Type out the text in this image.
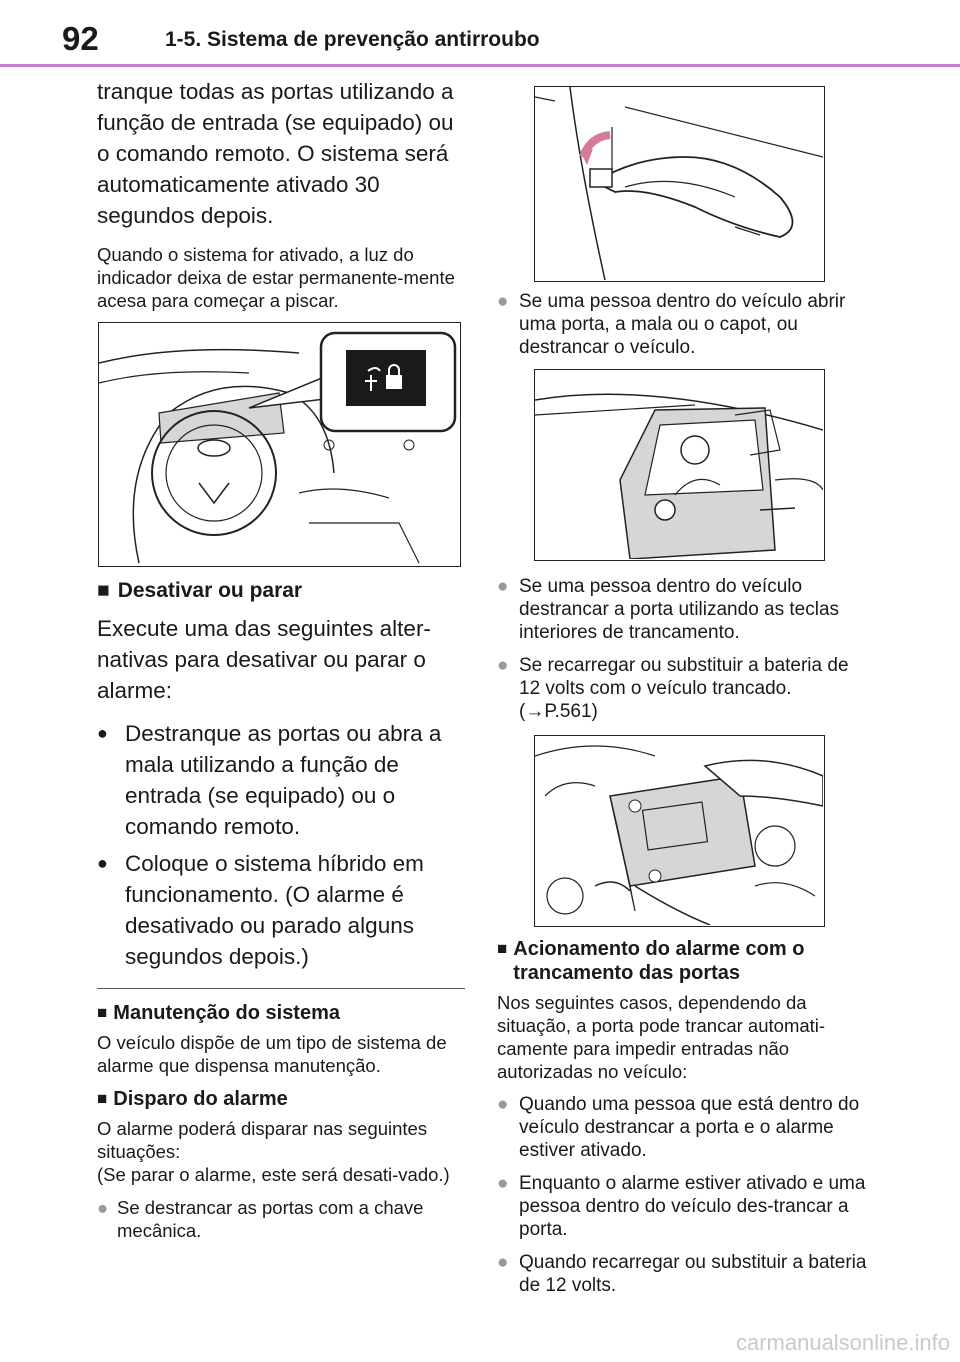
92	1-5. Sistema de prevenção antirroubo

tranque todas as portas utilizando a função de entrada (se equipado) ou o comando remoto. O sistema será automaticamente ativado 30 segundos depois.

Quando o sistema for ativado, a luz do indicador deixa de estar permanente-mente acesa para começar a piscar.

■ Desativar ou parar

Execute uma das seguintes alter-nativas para desativar ou parar o alarme:

● Destranque as portas ou abra a mala utilizando a função de entrada (se equipado) ou o comando remoto.
● Coloque o sistema híbrido em funcionamento. (O alarme é desativado ou parado alguns segundos depois.)
■ Manutenção do sistema

O veículo dispõe de um tipo de sistema de alarme que dispensa manutenção.

■ Disparo do alarme

O alarme poderá disparar nas seguintes situações:

(Se parar o alarme, este será desati-vado.)

● Se destrancar as portas com a chave mecânica.
● Se uma pessoa dentro do veículo abrir uma porta, a mala ou o capot, ou destrancar o veículo.
● Se uma pessoa dentro do veículo destrancar a porta utilizando as teclas interiores de trancamento.
● Se recarregar ou substituir a bateria de 12 volts com o veículo trancado. (→P.561)
■ Acionamento do alarme com o trancamento das portas

Nos seguintes casos, dependendo da situação, a porta pode trancar automati-camente para impedir entradas não autorizadas no veículo:

● Quando uma pessoa que está dentro do veículo destrancar a porta e o alarme estiver ativado.
● Enquanto o alarme estiver ativado e uma pessoa dentro do veículo des-trancar a porta.
● Quando recarregar ou substituir a bateria de 12 volts.
carmanualsonline.info
